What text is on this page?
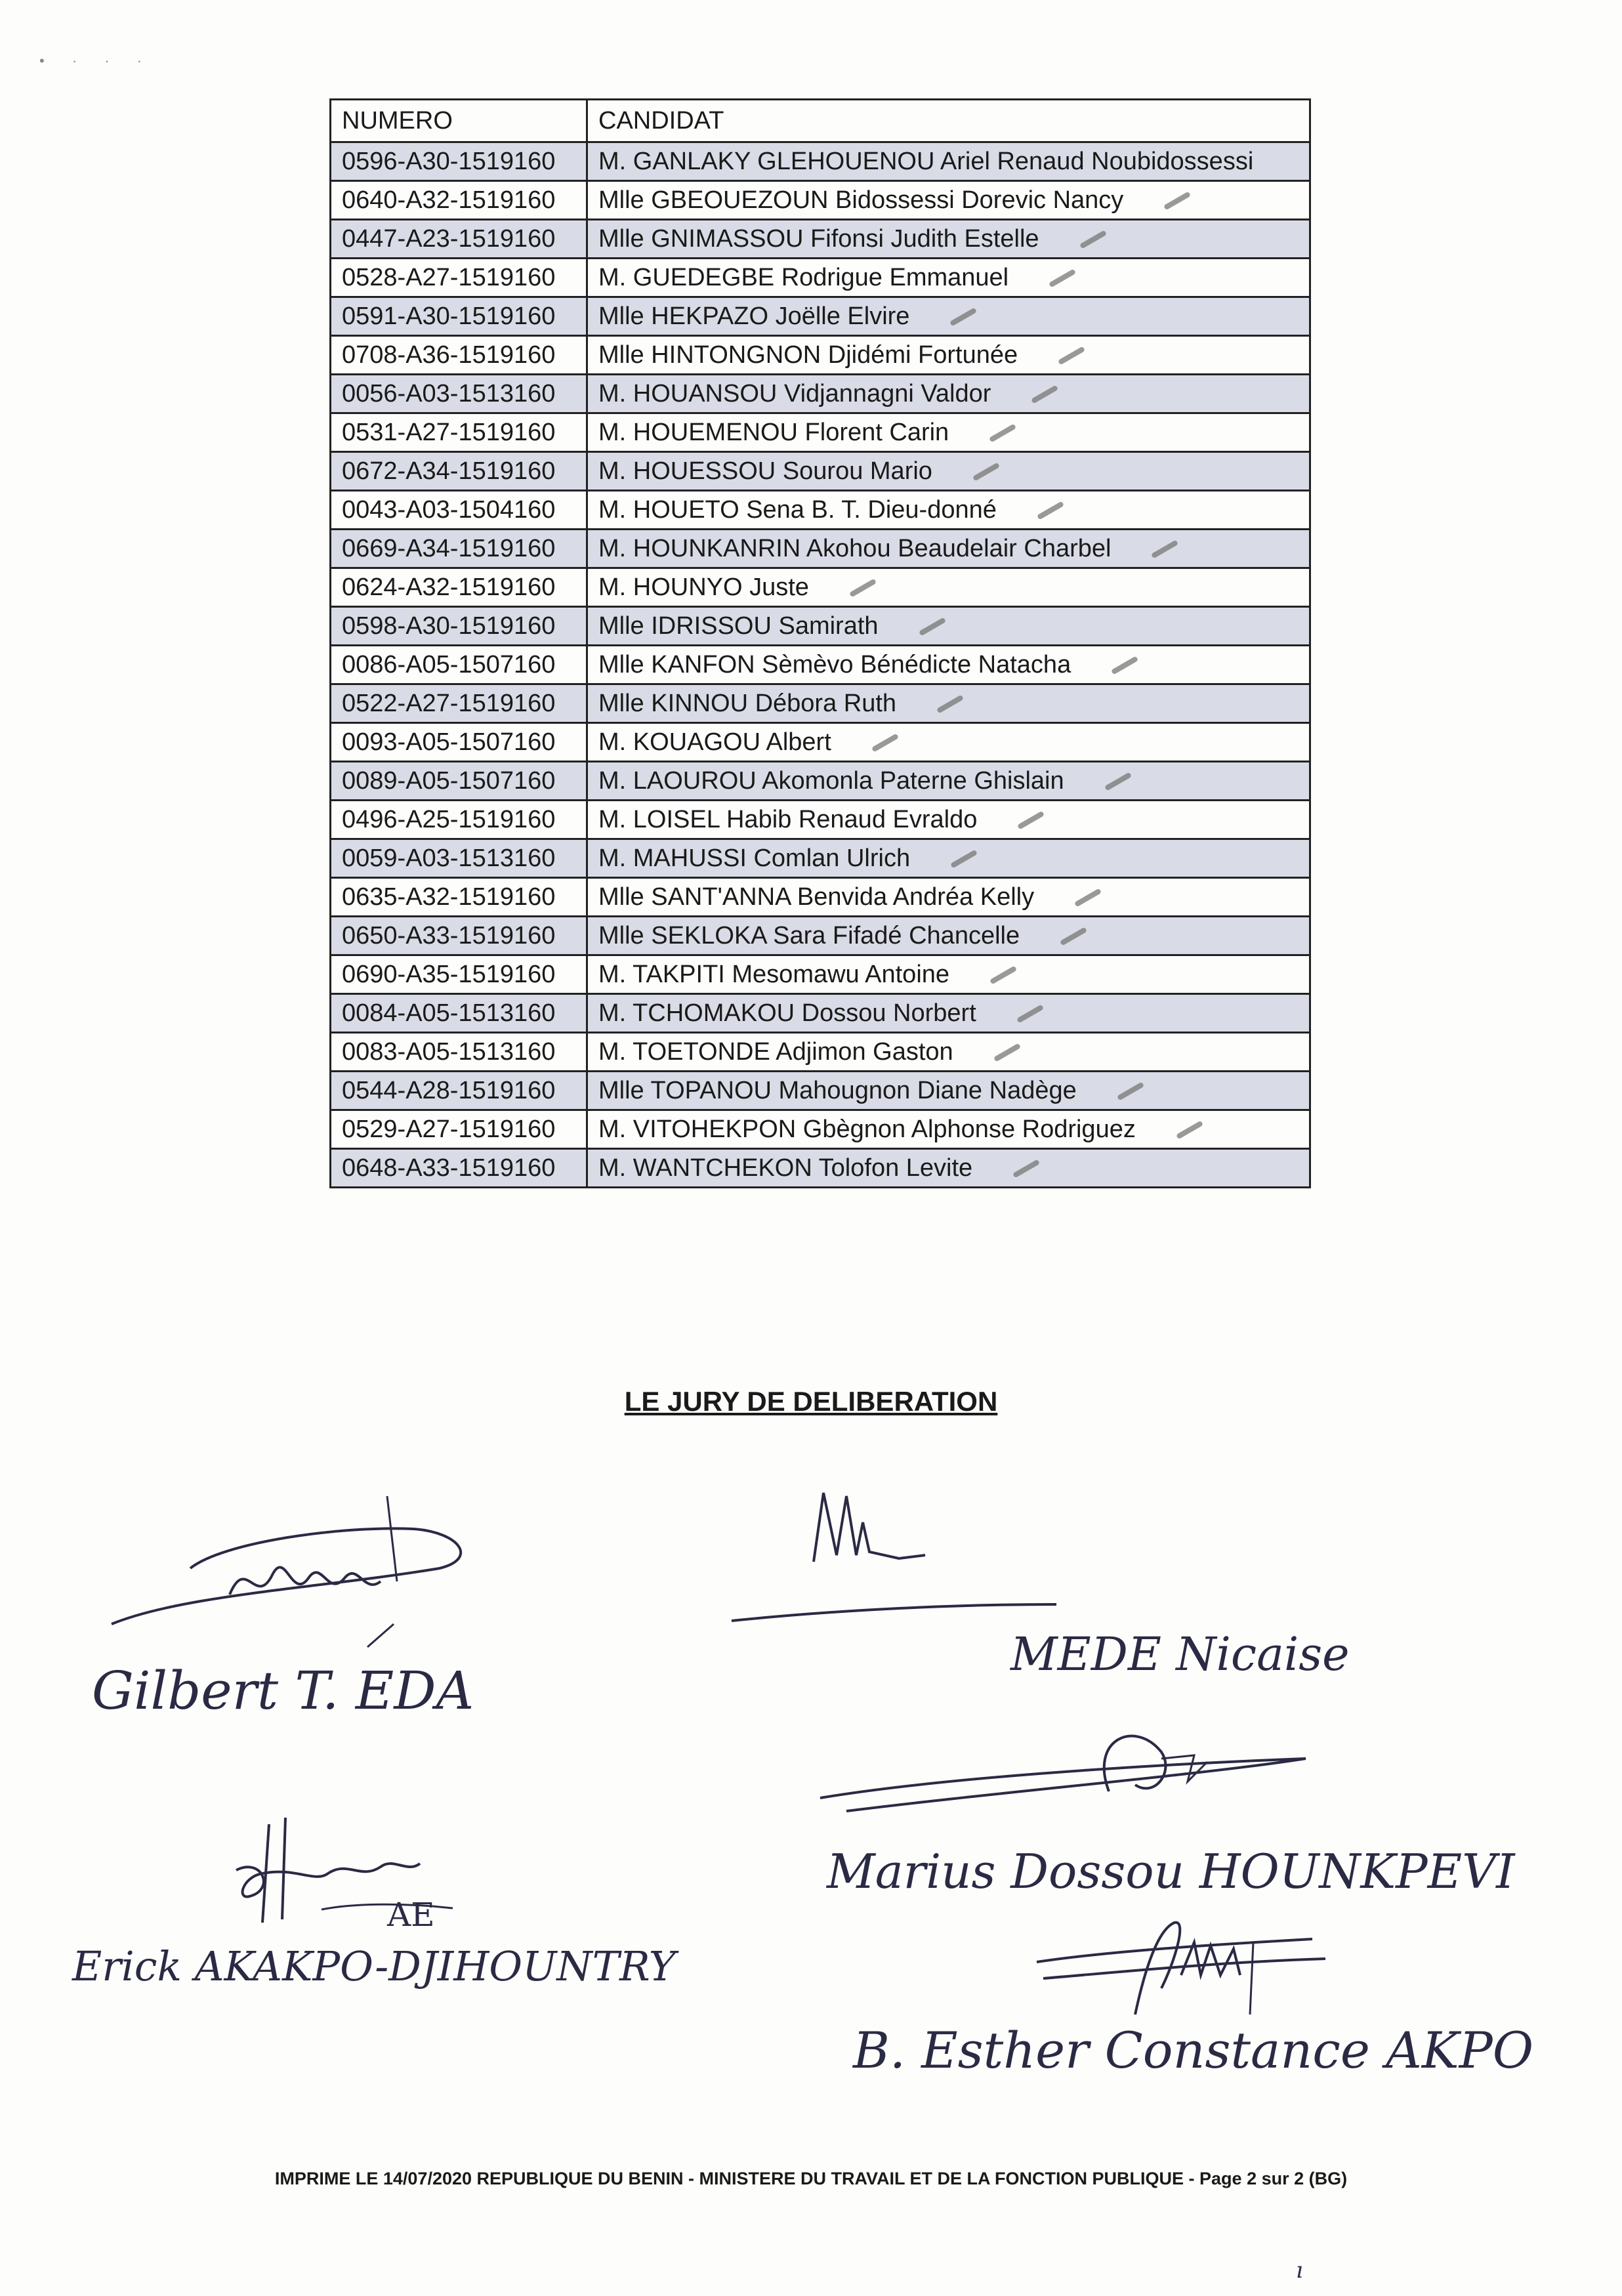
• · · ·
NUMERO	CANDIDAT
0596-A30-1519160	M. GANLAKY GLEHOUENOU Ariel Renaud Noubidossessi
0640-A32-1519160	Mlle GBEOUEZOUN Bidossessi Dorevic Nancy
0447-A23-1519160	Mlle GNIMASSOU Fifonsi Judith Estelle
0528-A27-1519160	M. GUEDEGBE Rodrigue Emmanuel
0591-A30-1519160	Mlle HEKPAZO Joëlle Elvire
0708-A36-1519160	Mlle HINTONGNON Djidémi Fortunée
0056-A03-1513160	M. HOUANSOU Vidjannagni Valdor
0531-A27-1519160	M. HOUEMENOU Florent Carin
0672-A34-1519160	M. HOUESSOU Sourou Mario
0043-A03-1504160	M. HOUETO Sena B. T. Dieu-donné
0669-A34-1519160	M. HOUNKANRIN Akohou Beaudelair Charbel
0624-A32-1519160	M. HOUNYO Juste
0598-A30-1519160	Mlle IDRISSOU Samirath
0086-A05-1507160	Mlle KANFON Sèmèvo Bénédicte Natacha
0522-A27-1519160	Mlle KINNOU Débora Ruth
0093-A05-1507160	M. KOUAGOU Albert
0089-A05-1507160	M. LAOUROU Akomonla Paterne Ghislain
0496-A25-1519160	M. LOISEL Habib Renaud Evraldo
0059-A03-1513160	M. MAHUSSI Comlan Ulrich
0635-A32-1519160	Mlle SANT'ANNA Benvida Andréa Kelly
0650-A33-1519160	Mlle SEKLOKA Sara Fifadé Chancelle
0690-A35-1519160	M. TAKPITI Mesomawu Antoine
0084-A05-1513160	M. TCHOMAKOU Dossou Norbert
0083-A05-1513160	M. TOETONDE Adjimon Gaston
0544-A28-1519160	Mlle TOPANOU Mahougnon Diane Nadège
0529-A27-1519160	M. VITOHEKPON Gbègnon Alphonse Rodriguez
0648-A33-1519160	M. WANTCHEKON Tolofon Levite
LE JURY DE DELIBERATION
Gilbert T. EDA
MEDE Nicaise
Marius Dossou HOUNKPEVI
AE
Erick AKAKPO-DJIHOUNTRY
B. Esther Constance AKPO
ı
IMPRIME LE 14/07/2020 REPUBLIQUE DU BENIN - MINISTERE DU TRAVAIL ET DE LA FONCTION PUBLIQUE - Page 2 sur 2 (BG)
